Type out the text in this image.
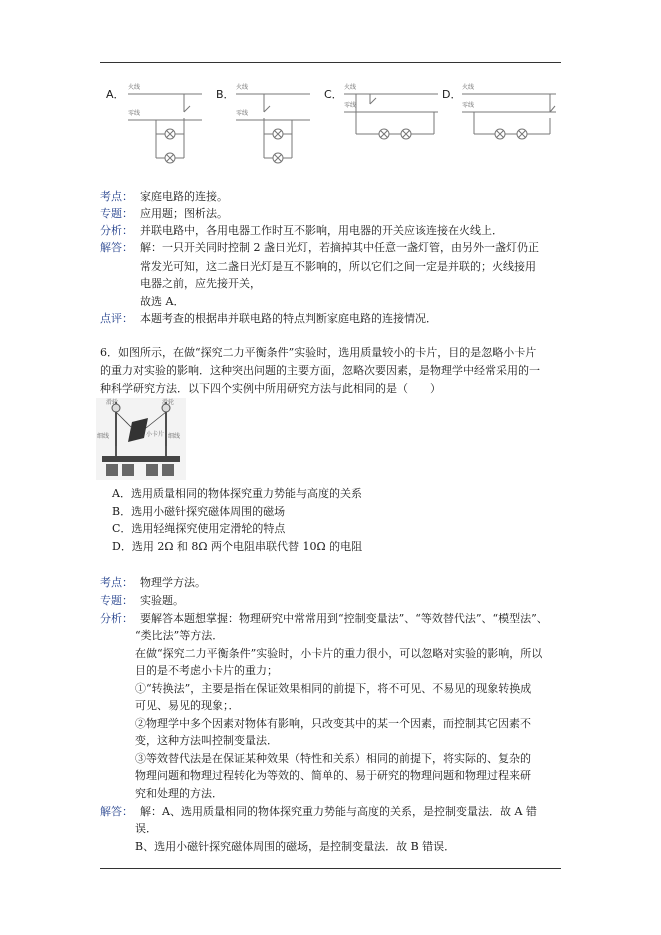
A．
火线
零线
B．
火线
零线
C．
火线
零线
D．
火线
零线
考点： 家庭电路的连接。
专题： 应用题；图析法。
分析： 并联电路中，各用电器工作时互不影响，用电器的开关应该连接在火线上．
解答： 解：一只开关同时控制 2 盏日光灯，若摘掉其中任意一盏灯管，由另外一盏灯仍正
常发光可知，这二盏日光灯是互不影响的，所以它们之间一定是并联的；火线接用
电器之前，应先接开关，
故选 A．
点评： 本题考查的根据串并联电路的特点判断家庭电路的连接情况．
6．如图所示，在做“探究二力平衡条件”实验时，选用质量较小的卡片，目的是忽略小卡片
的重力对实验的影响．这种突出问题的主要方面，忽略次要因素，是物理学中经常采用的一
种科学研究方法．以下四个实例中所用研究方法与此相同的是（　　）
滑轮	滑轮
小卡片
细线	细线
A．选用质量相同的物体探究重力势能与高度的关系
B．选用小磁针探究磁体周围的磁场
C．选用轻绳探究使用定滑轮的特点
D．选用 2Ω 和 8Ω 两个电阻串联代替 10Ω 的电阻
考点： 物理学方法。
专题： 实验题。
分析： 要解答本题想掌握：物理研究中常常用到“控制变量法”、“等效替代法”、“模型法”、
“类比法”等方法．
在做“探究二力平衡条件”实验时，小卡片的重力很小，可以忽略对实验的影响，所以
目的是不考虑小卡片的重力；
①“转换法”，主要是指在保证效果相同的前提下，将不可见、不易见的现象转换成
可见、易见的现象；．
②物理学中多个因素对物体有影响，只改变其中的某一个因素，而控制其它因素不
变，这种方法叫控制变量法．
③等效替代法是在保证某种效果（特性和关系）相同的前提下，将实际的、复杂的
物理问题和物理过程转化为等效的、简单的、易于研究的物理问题和物理过程来研
究和处理的方法．
解答： 解：A、选用质量相同的物体探究重力势能与高度的关系，是控制变量法．故 A 错
误．
B、选用小磁针探究磁体周围的磁场，是控制变量法．故 B 错误．
